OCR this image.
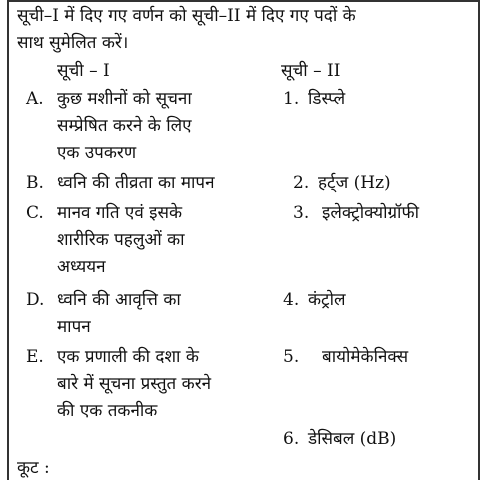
सूची–I में दिए गए वर्णन को सूची–II में दिए गए पदों के
साथ सुमेलित करें।
सूची – I	सूची – II
A. कुछ मशीनों को सूचना
सम्प्रेषित करने के लिए
एक उपकरण
B. ध्वनि की तीव्रता का मापन
C. मानव गति एवं इसके
शारीरिक पहलुओं का
अध्ययन
D. ध्वनि की आवृत्ति का
मापन
E. एक प्रणाली की दशा के
बारे में सूचना प्रस्तुत करने
की एक तकनीक
1. डिस्प्ले
2. हर्ट्ज (Hz)
3. इलेक्ट्रोक्योग्रॉफी
4. कंट्रोल
5. बायोमेकेनिक्स
6. डेसिबल (dB)
कूट :
